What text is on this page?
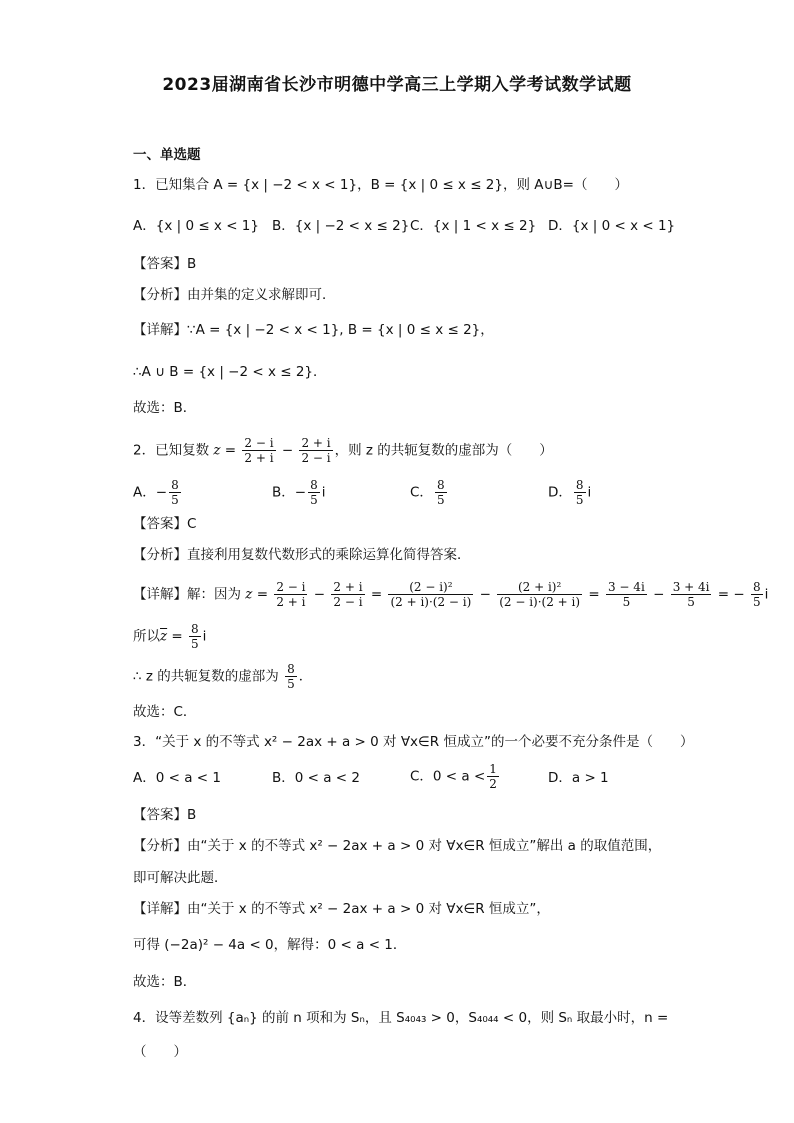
2023届湖南省长沙市明德中学高三上学期入学考试数学试题
一、单选题
1．已知集合 A = {x | −2 < x < 1}，B = {x | 0 ≤ x ≤ 2}，则 A∪B=（　　）
A．{x | 0 ≤ x < 1} B．{x | −2 < x ≤ 2} C．{x | 1 < x ≤ 2} D．{x | 0 < x < 1}
【答案】B
【分析】由并集的定义求解即可．
【详解】∵A = {x | −2 < x < 1}, B = {x | 0 ≤ x ≤ 2}，
∴A ∪ B = {x | −2 < x ≤ 2}．
故选：B．
2．已知复数 $z = \frac{2 - i}{2 + i} - \frac{2 + i}{2 - i}$ ，则 z 的共轭复数的虚部为（　　）
A．− $\frac{8}{5}$	B．− $\frac{8}{5}$ i	C． $\frac{8}{5}$	D． $\frac{8}{5}$ i
【答案】C
【分析】直接利用复数代数形式的乘除运算化简得答案．
【详解】解：因为 $z = \frac{2 - i}{2 + i} - \frac{2 + i}{2 - i} = \frac{\text{(2 − i)²}}{(2 + i)\cdot(2 - i)} - \frac{\text{(2 + i)²}}{(2 - i)\cdot(2 + i)} = \frac{3 - 4i}{5} - \frac{3 + 4i}{5}$ = − $\frac{8}{5}$ i
所以$\overline{z} = \frac{8}{5}$ i
∴ z 的共轭复数的虚部为 $\frac{8}{5}$ ．
故选：C．
3．“关于 x 的不等式 x² − 2ax + a > 0 对 ∀x∈R 恒成立”的一个必要不充分条件是（　　）
A．0 < a < 1	B．0 < a < 2	C．$0 < a < \frac{1}{2}$	D．a > 1
【答案】B
【分析】由“关于 x 的不等式 x² − 2ax + a > 0 对 ∀x∈R 恒成立”解出 a 的取值范围，
即可解决此题．
【详解】由“关于 x 的不等式 x² − 2ax + a > 0 对 ∀x∈R 恒成立”，
可得 (−2a)² − 4a < 0，解得：0 < a < 1．
故选：B．
4．设等差数列 {aₙ} 的前 n 项和为 Sₙ，且 S₄₀₄₃ > 0，S₄₀₄₄ < 0，则 Sₙ 取最小时，n =
（　　）
